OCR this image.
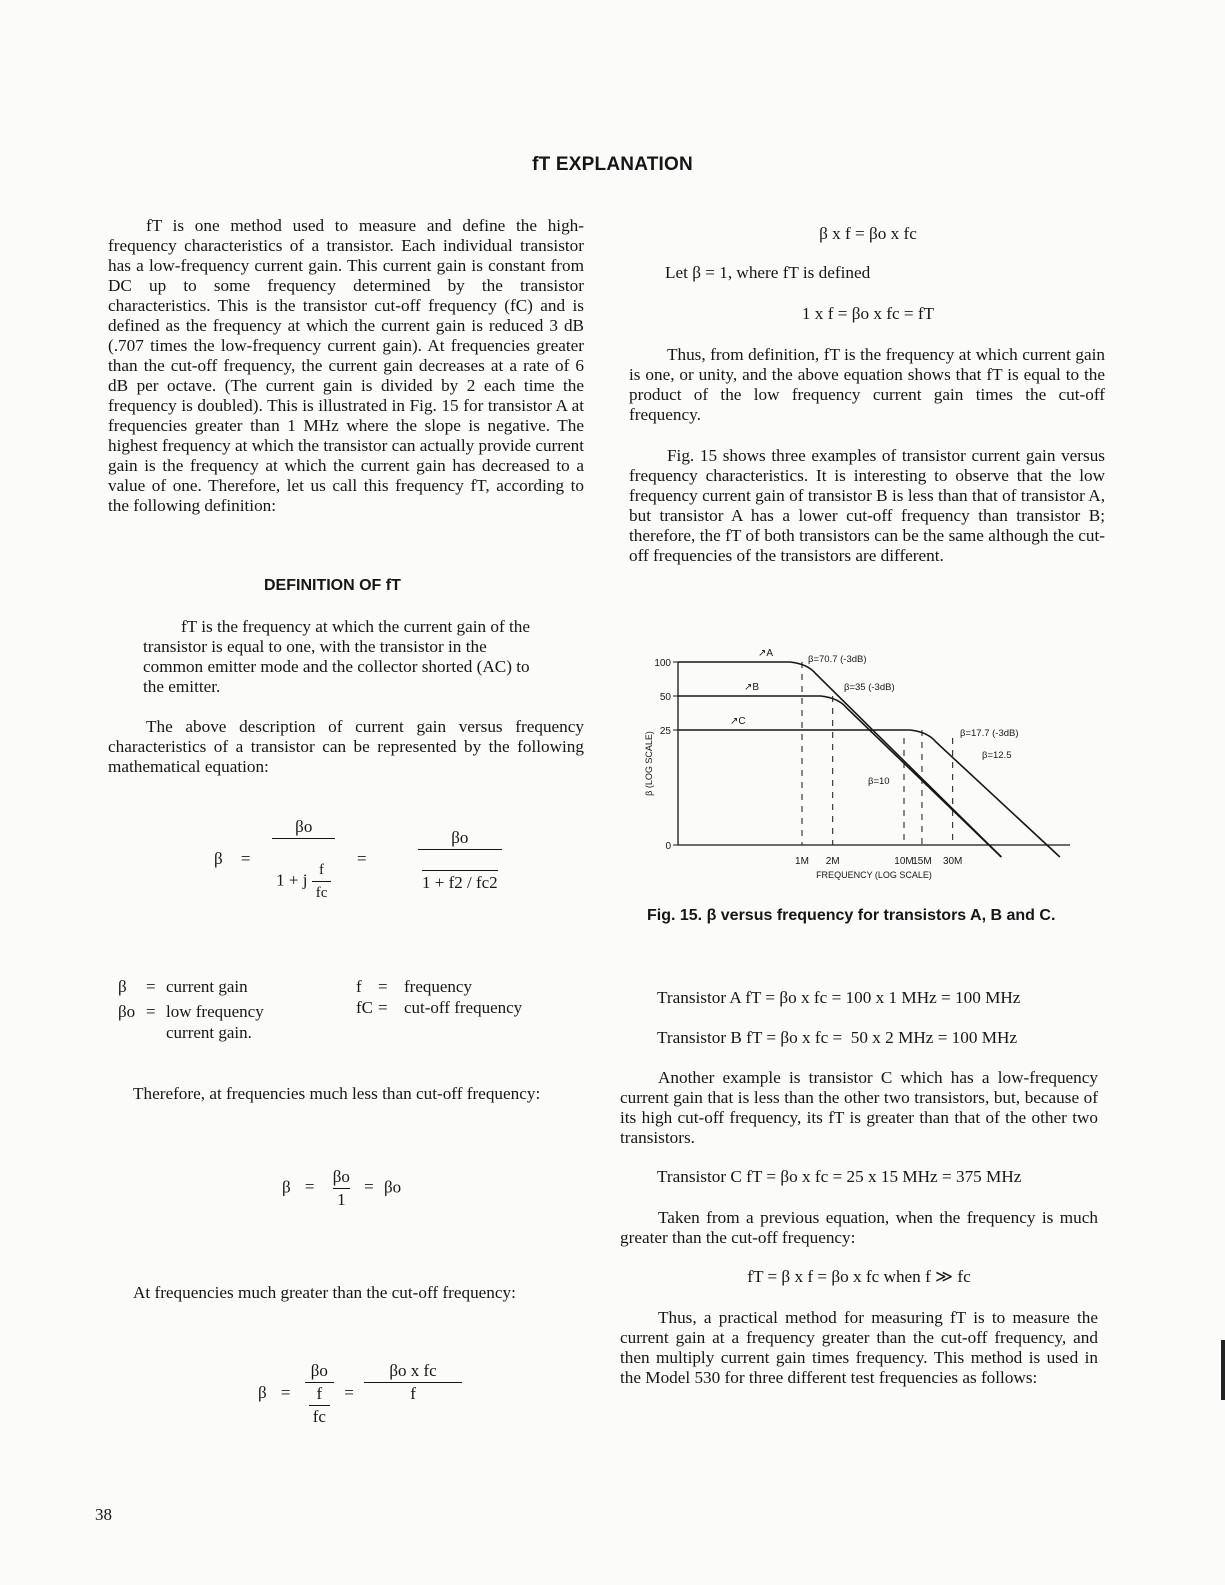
fT EXPLANATION
fT is one method used to measure and define the high-frequency characteristics of a transistor. Each individual transistor has a low-frequency current gain. This current gain is constant from DC up to some frequency determined by the transistor characteristics. This is the transistor cut-off frequency (fC) and is defined as the frequency at which the current gain is reduced 3 dB (.707 times the low-frequency current gain). At frequencies greater than the cut-off frequency, the current gain decreases at a rate of 6 dB per octave. (The current gain is divided by 2 each time the frequency is doubled). This is illustrated in Fig. 15 for transistor A at frequencies greater than 1 MHz where the slope is negative. The highest frequency at which the transistor can actually provide current gain is the frequency at which the current gain has decreased to a value of one. Therefore, let us call this frequency fT, according to the following definition:
DEFINITION OF fT
fT is the frequency at which the current gain of the transistor is equal to one, with the transistor in the common emitter mode and the collector shorted (AC) to the emitter.
The above description of current gain versus frequency characteristics of a transistor can be represented by the following mathematical equation:
$\beta = \frac{\beta o}{1 + j \frac{f}{fc}} = \frac{\beta o}{1 + f2 / fc2}$
β = current gain
βo = low frequency current gain.
f = frequency
fC = cut-off frequency
Therefore, at frequencies much less than cut-off frequency:
$\beta = \frac{\beta o}{1} = \beta o$
At frequencies much greater than the cut-off frequency:
$\beta = \frac{\beta o}{\frac{f}{fc}} = \frac{\text{βo x fc}}{f}$
38
β x f = βo x fc
Let β = 1, where fT is defined
1 x f = βo x fc = fT
Thus, from definition, fT is the frequency at which current gain is one, or unity, and the above equation shows that fT is equal to the product of the low frequency current gain times the cut-off frequency.
Fig. 15 shows three examples of transistor current gain versus frequency characteristics. It is interesting to observe that the low frequency current gain of transistor B is less than that of transistor A, but transistor A has a lower cut-off frequency than transistor B; therefore, the fT of both transistors can be the same although the cut-off frequencies of the transistors are different.
100
50
25
0
1M 2M	10M
15M 30M
FREQUENCY (LOG SCALE)
β (LOG SCALE)
↗A
↗B
↗C
β=70.7 (-3dB)
β=35 (-3dB)
β=17.7 (-3dB)
β=12.5
β=10
Fig. 15. β versus frequency for transistors A, B and C.
Transistor A fT = βo x fc = 100 x 1 MHz = 100 MHz
Transistor B fT = βo x fc =  50 x 2 MHz = 100 MHz
Another example is transistor C which has a low-frequency current gain that is less than the other two transistors, but, because of its high cut-off frequency, its fT is greater than that of the other two transistors.
Transistor C fT = βo x fc = 25 x 15 MHz = 375 MHz
Taken from a previous equation, when the frequency is much greater than the cut-off frequency:
fT = β x f = βo x fc when f ≫ fc
Thus, a practical method for measuring fT is to measure the current gain at a frequency greater than the cut-off frequency, and then multiply current gain times frequency. This method is used in the Model 530 for three different test frequencies as follows:
